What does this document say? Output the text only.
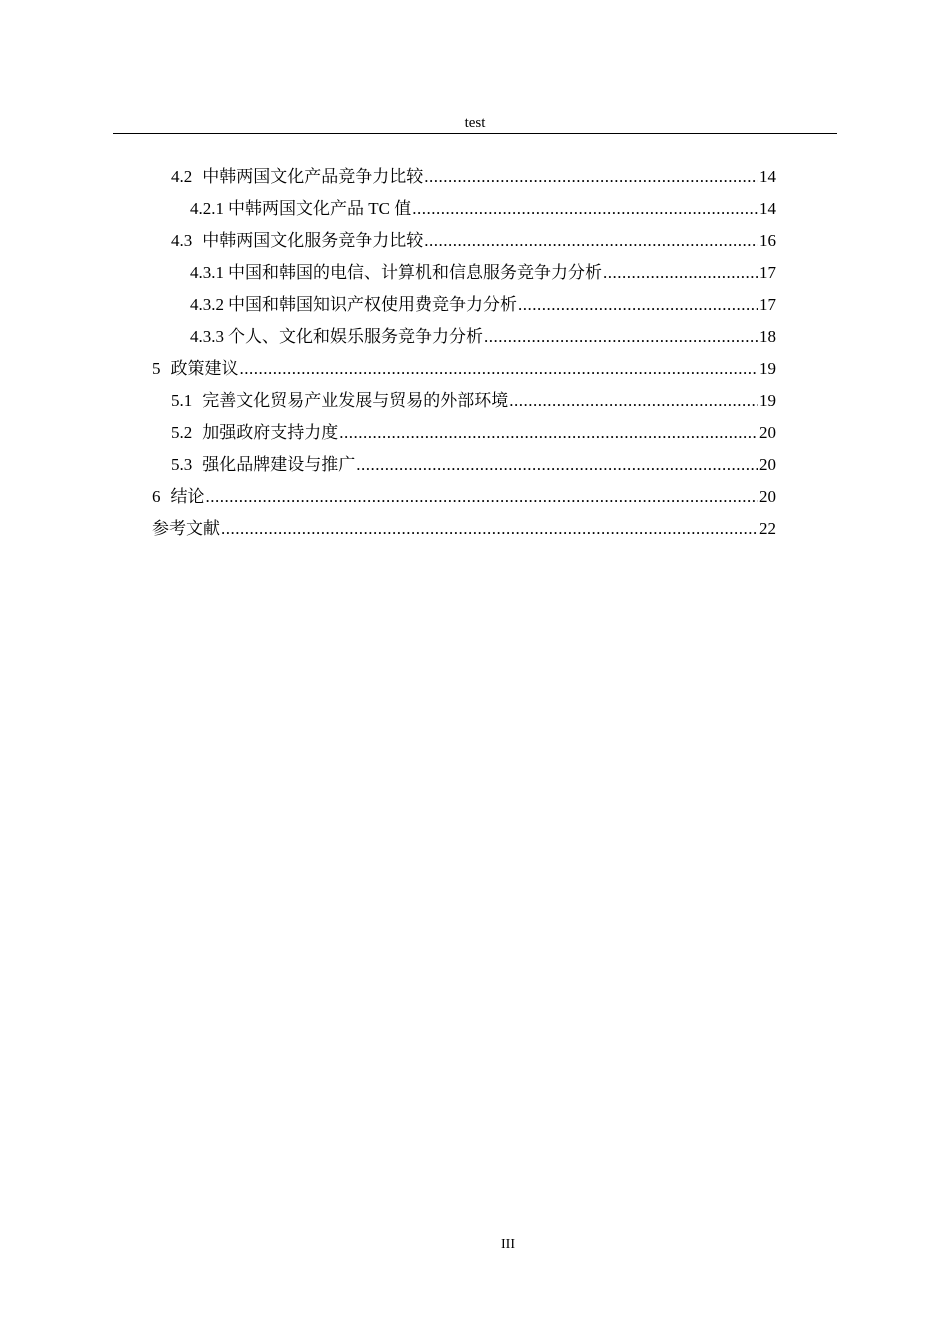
test
4.2 中韩两国文化产品竞争力比较 .....	14
4.2.1 中韩两国文化产品 TC 值 .....	14
4.3 中韩两国文化服务竞争力比较 .....	16
4.3.1 中国和韩国的电信、计算机和信息服务竞争力分析 .....	17
4.3.2 中国和韩国知识产权使用费竞争力分析 .....	17
4.3.3 个人、文化和娱乐服务竞争力分析 .....	18
5 政策建议 .....	19
5.1 完善文化贸易产业发展与贸易的外部环境 .....	19
5.2 加强政府支持力度 .....	20
5.3 强化品牌建设与推广 .....	20
6 结论 .....	20
参考文献 .....	22
III
